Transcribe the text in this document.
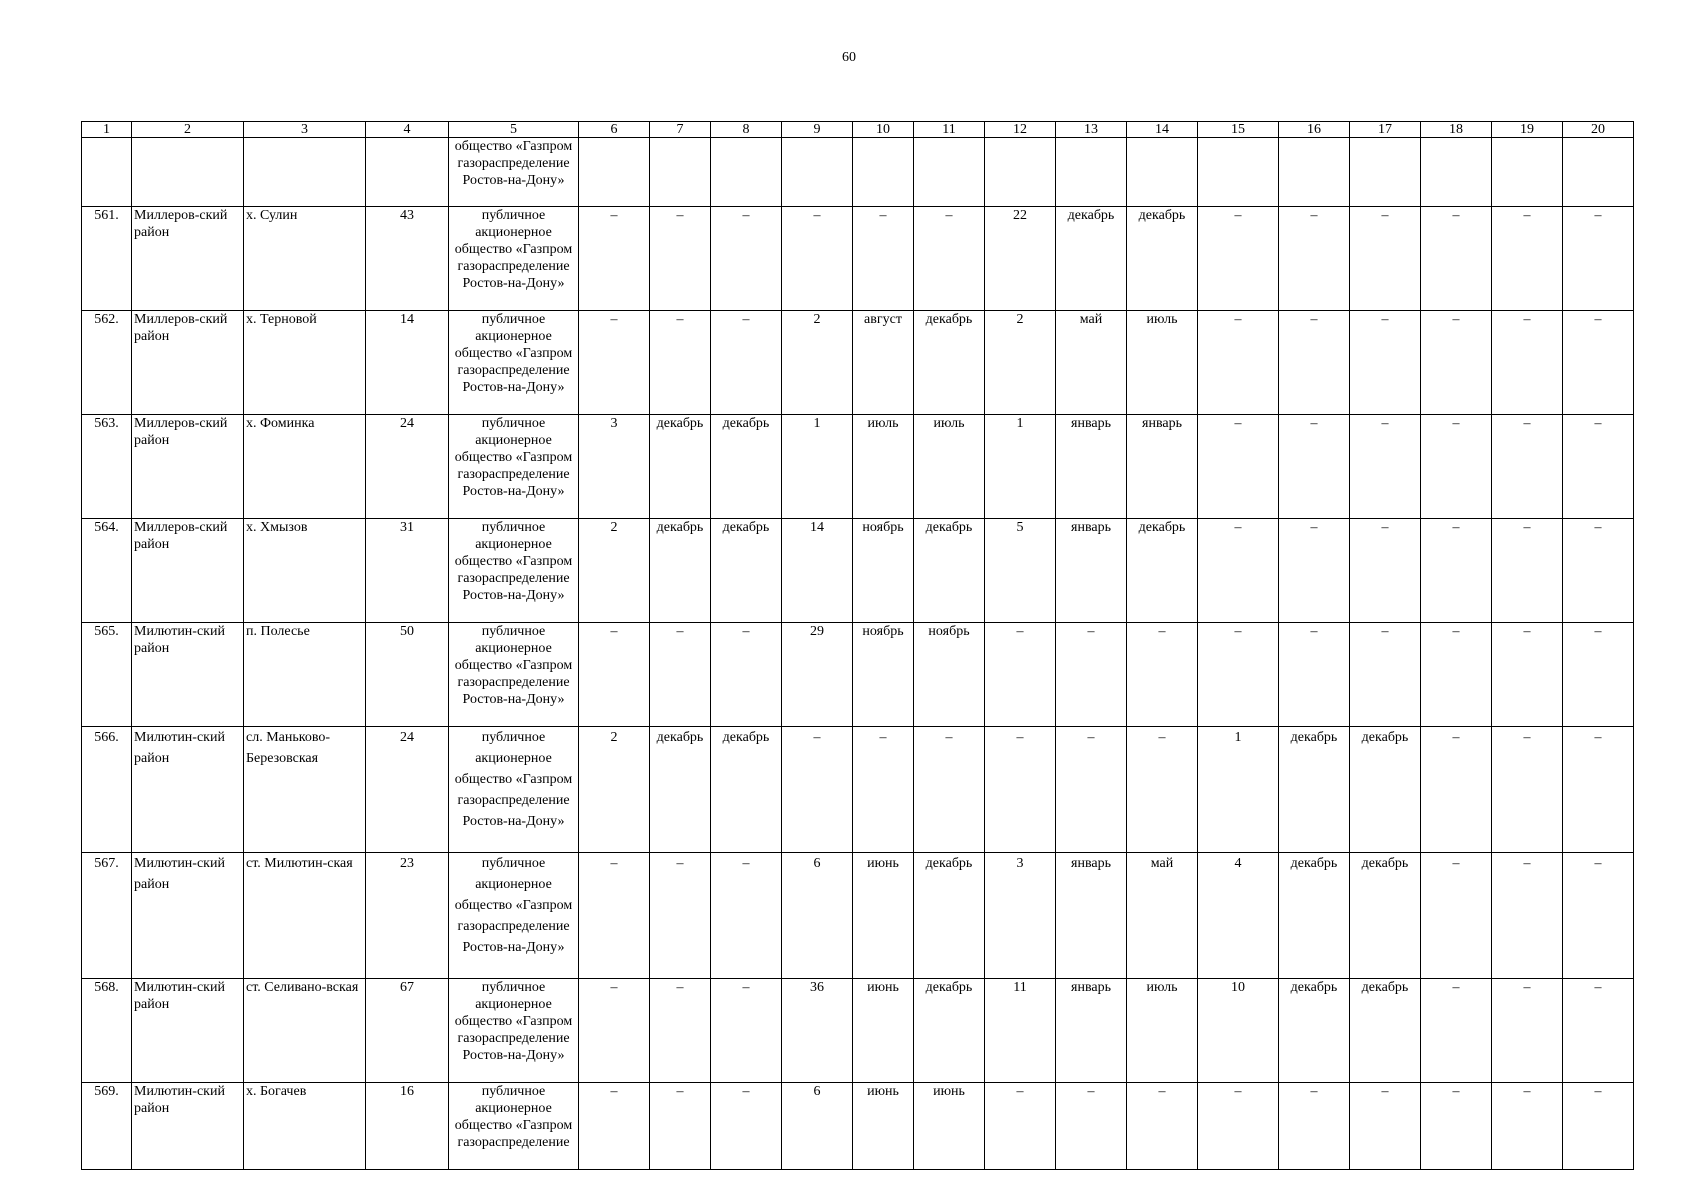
60
1	2	3	4	5	6	7	8	9	10	11	12	13	14	15	16	17	18	19	20
				общество «Газпром газораспределение Ростов-на-Дону»															
561.	Миллеров-ский район	х. Сулин	43	публичное акционерное общество «Газпром газораспределение Ростов-на-Дону»	–	–	–	–	–	–	22	декабрь	декабрь	–	–	–	–	–	–
562.	Миллеров-ский район	х. Терновой	14	публичное акционерное общество «Газпром газораспределение Ростов-на-Дону»	–	–	–	2	август	декабрь	2	май	июль	–	–	–	–	–	–
563.	Миллеров-ский район	х. Фоминка	24	публичное акционерное общество «Газпром газораспределение Ростов-на-Дону»	3	декабрь	декабрь	1	июль	июль	1	январь	январь	–	–	–	–	–	–
564.	Миллеров-ский район	х. Хмызов	31	публичное акционерное общество «Газпром газораспределение Ростов-на-Дону»	2	декабрь	декабрь	14	ноябрь	декабрь	5	январь	декабрь	–	–	–	–	–	–
565.	Милютин-ский район	п. Полесье	50	публичное акционерное общество «Газпром газораспределение Ростов-на-Дону»	–	–	–	29	ноябрь	ноябрь	–	–	–	–	–	–	–	–	–
566.	Милютин-ский район	сл. Маньково-Березовская	24	публичное акционерное общество «Газпром газораспределение Ростов-на-Дону»	2	декабрь	декабрь	–	–	–	–	–	–	1	декабрь	декабрь	–	–	–
567.	Милютин-ский район	ст. Милютин-ская	23	публичное акционерное общество «Газпром газораспределение Ростов-на-Дону»	–	–	–	6	июнь	декабрь	3	январь	май	4	декабрь	декабрь	–	–	–
568.	Милютин-ский район	ст. Селивано-вская	67	публичное акционерное общество «Газпром газораспределение Ростов-на-Дону»	–	–	–	36	июнь	декабрь	11	январь	июль	10	декабрь	декабрь	–	–	–
569.	Милютин-ский район	х. Богачев	16	публичное акционерное общество «Газпром газораспределение	–	–	–	6	июнь	июнь	–	–	–	–	–	–	–	–	–
